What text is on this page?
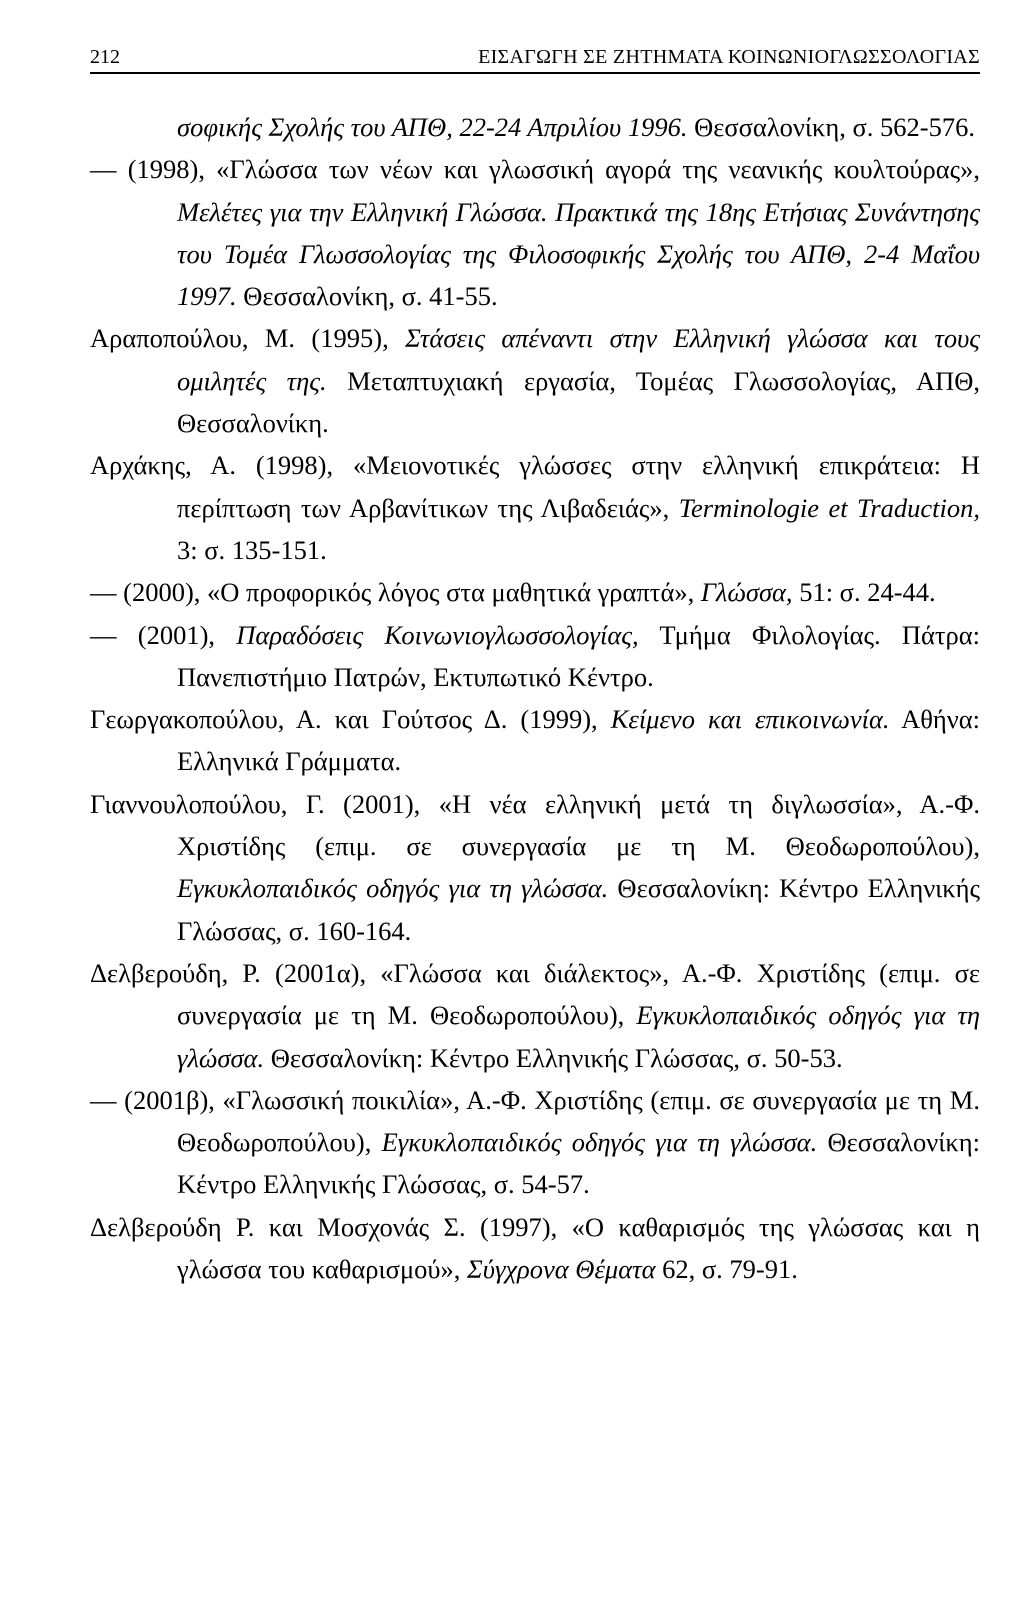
212	ΕΙΣΑΓΩΓΗ ΣΕ ΖΗΤΗΜΑΤΑ ΚΟΙΝΩΝΙΟΓΛΩΣΣΟΛΟΓΙΑΣ

σοφικής Σχολής του ΑΠΘ, 22-24 Απριλίου 1996. Θεσσαλονίκη, σ. 562-576.

— (1998), «Γλώσσα των νέων και γλωσσική αγορά της νεανικής κουλτούρας», Μελέτες για την Ελληνική Γλώσσα. Πρακτικά της 18ης Ετήσιας Συνάντησης του Τομέα Γλωσσολογίας της Φιλοσοφικής Σχολής του ΑΠΘ, 2-4 Μαΐου 1997. Θεσσαλονίκη, σ. 41-55.

Αραποπούλου, Μ. (1995), Στάσεις απέναντι στην Ελληνική γλώσσα και τους ομιλητές της. Μεταπτυχιακή εργασία, Τομέας Γλωσσολογίας, ΑΠΘ, Θεσσαλονίκη.

Αρχάκης, Α. (1998), «Μειονοτικές γλώσσες στην ελληνική επικράτεια: Η περίπτωση των Αρβανίτικων της Λιβαδειάς», Terminologie et Traduction, 3: σ. 135-151.

— (2000), «Ο προφορικός λόγος στα μαθητικά γραπτά», Γλώσσα, 51: σ. 24-44.

— (2001), Παραδόσεις Κοινωνιογλωσσολογίας, Τμήμα Φιλολογίας. Πάτρα: Πανεπιστήμιο Πατρών, Εκτυπωτικό Κέντρο.

Γεωργακοπούλου, Α. και Γούτσος Δ. (1999), Κείμενο και επικοινωνία. Αθήνα: Ελληνικά Γράμματα.

Γιαννουλοπούλου, Γ. (2001), «Η νέα ελληνική μετά τη διγλωσσία», Α.-Φ. Χριστίδης (επιμ. σε συνεργασία με τη Μ. Θεοδωροπούλου), Εγκυκλοπαιδικός οδηγός για τη γλώσσα. Θεσσαλονίκη: Κέντρο Ελληνικής Γλώσσας, σ. 160-164.

Δελβερούδη, Ρ. (2001α), «Γλώσσα και διάλεκτος», Α.-Φ. Χριστίδης (επιμ. σε συνεργασία με τη Μ. Θεοδωροπούλου), Εγκυκλοπαιδικός οδηγός για τη γλώσσα. Θεσσαλονίκη: Κέντρο Ελληνικής Γλώσσας, σ. 50-53.

— (2001β), «Γλωσσική ποικιλία», Α.-Φ. Χριστίδης (επιμ. σε συνεργασία με τη Μ. Θεοδωροπούλου), Εγκυκλοπαιδικός οδηγός για τη γλώσσα. Θεσσαλονίκη: Κέντρο Ελληνικής Γλώσσας, σ. 54-57.

Δελβερούδη Ρ. και Μοσχονάς Σ. (1997), «Ο καθαρισμός της γλώσσας και η γλώσσα του καθαρισμού», Σύγχρονα Θέματα 62, σ. 79-91.
